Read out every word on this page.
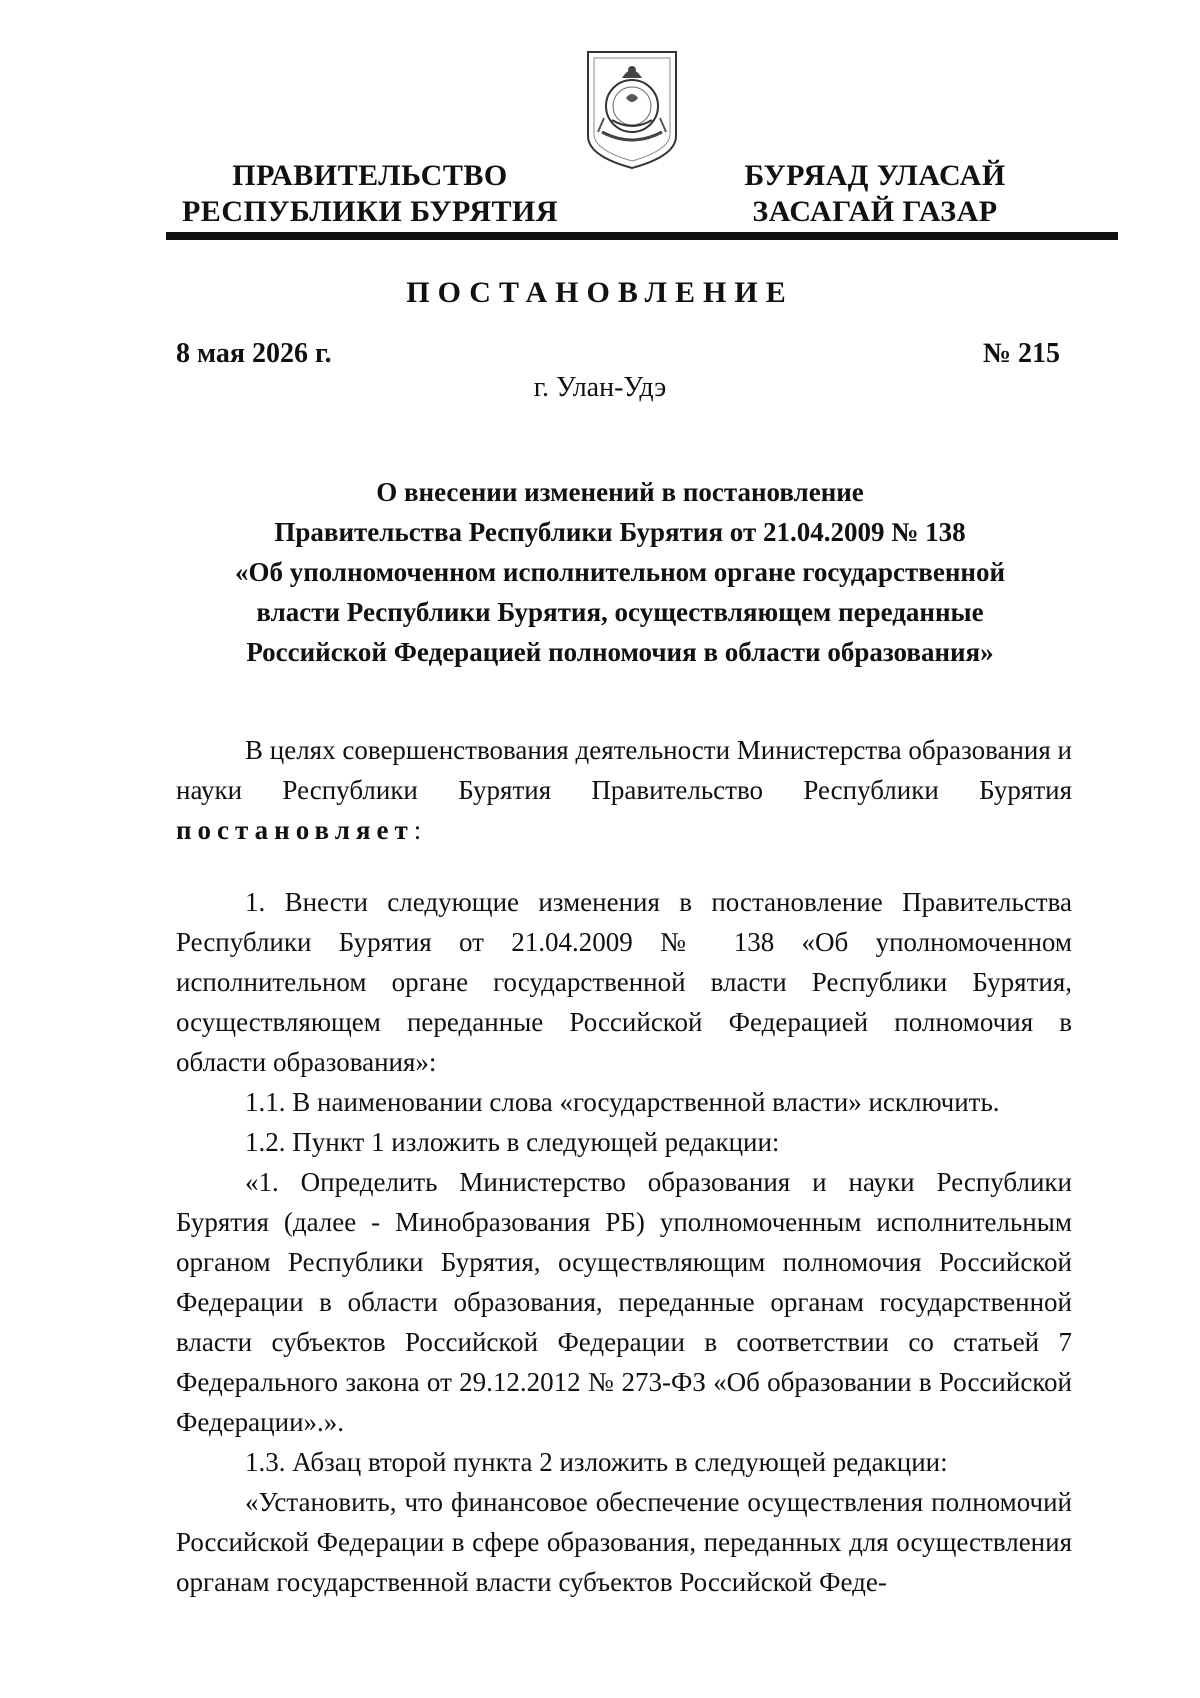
ПРАВИТЕЛЬСТВО
РЕСПУБЛИКИ БУРЯТИЯ
БУРЯАД УЛАСАЙ
ЗАСАГАЙ ГАЗАР
ПОСТАНОВЛЕНИЕ
8 мая 2026 г.	№ 215
г. Улан-Удэ
О внесении изменений в постановление
Правительства Республики Бурятия от 21.04.2009 № 138
«Об уполномоченном исполнительном органе государственной
власти Республики Бурятия, осуществляющем переданные
Российской Федерацией полномочия в области образования»

В целях совершенствования деятельности Министерства образования и науки Республики Бурятия Правительство Республики Бурятия постановляет:

1. Внести следующие изменения в постановление Правительства Республики Бурятия от 21.04.2009 № 138 «Об уполномоченном исполнительном органе государственной власти Республики Бурятия, осуществляющем переданные Российской Федерацией полномочия в области образования»:

1.1. В наименовании слова «государственной власти» исключить.

1.2. Пункт 1 изложить в следующей редакции:

«1. Определить Министерство образования и науки Республики Бурятия (далее - Минобразования РБ) уполномоченным исполнительным органом Республики Бурятия, осуществляющим полномочия Российской Федерации в области образования, переданные органам государственной власти субъектов Российской Федерации в соответствии со статьей 7 Федерального закона от 29.12.2012 № 273-ФЗ «Об образовании в Российской Федерации».».

1.3. Абзац второй пункта 2 изложить в следующей редакции:

«Установить, что финансовое обеспечение осуществления полномочий Российской Федерации в сфере образования, переданных для осуществления органам государственной власти субъектов Российской Феде-
